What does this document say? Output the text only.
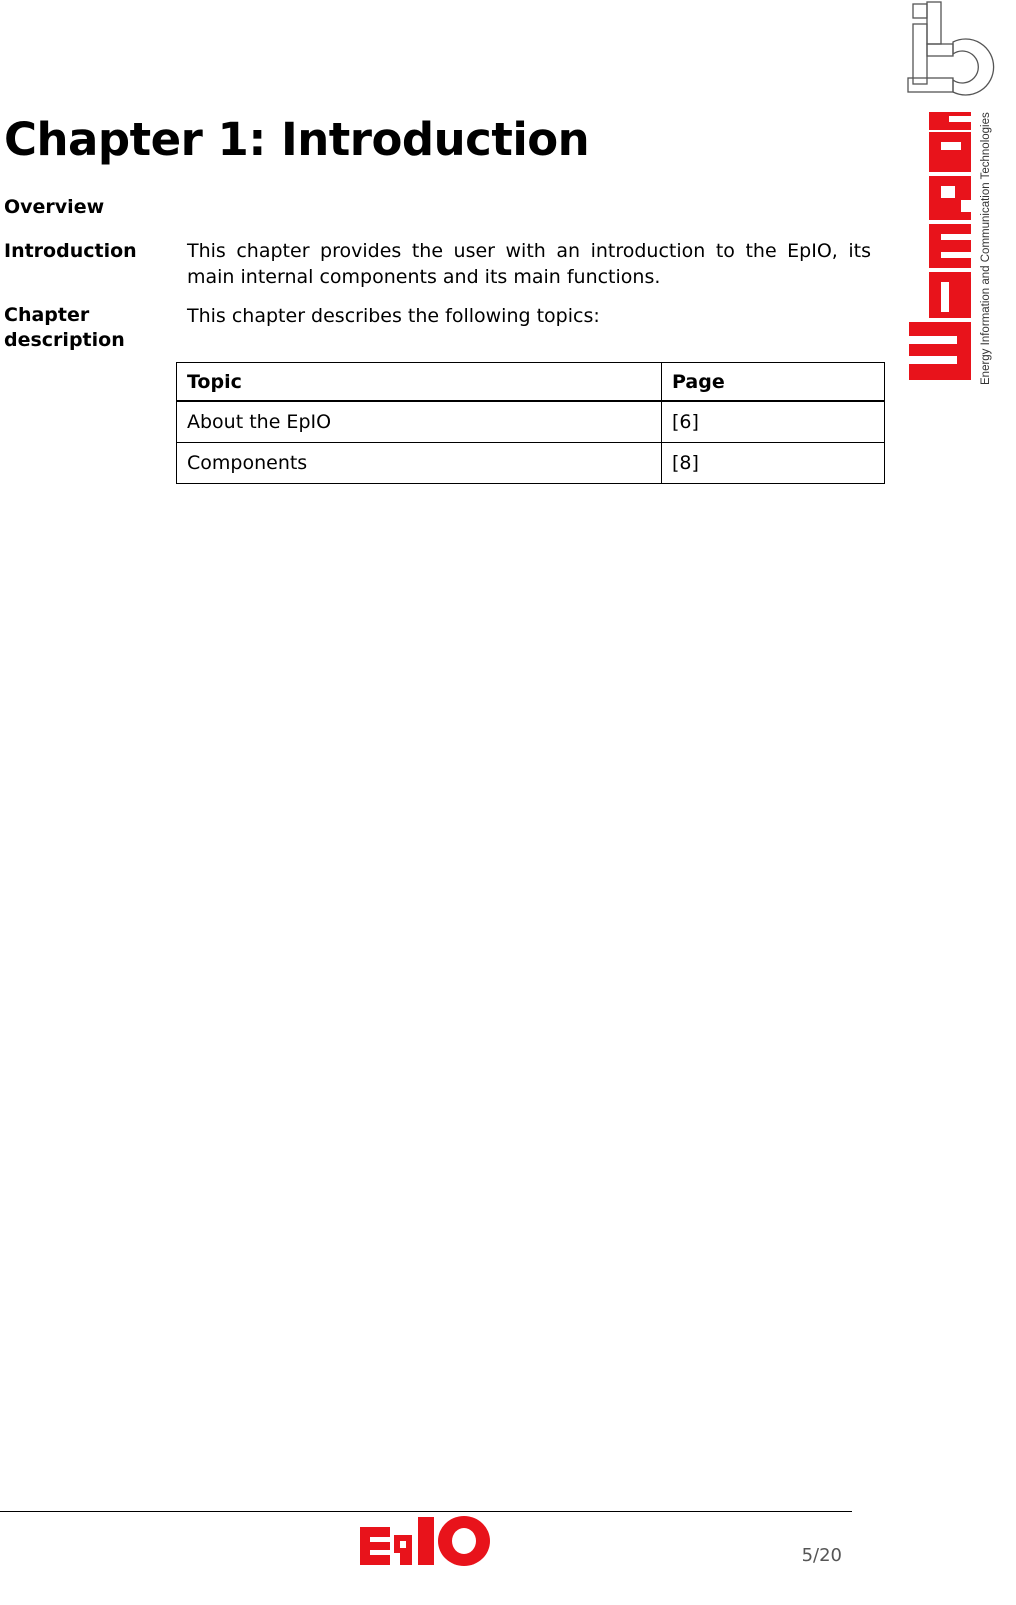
Energy Information and Communication Technologies
Chapter 1: Introduction
Overview
Introduction	This chapter provides the user with an introduction to the EpIO, its main internal components and its main functions.
Chapter description
This chapter describes the following topics:
Topic	Page
About the EpIO	[6]
Components	[8]
5/20
